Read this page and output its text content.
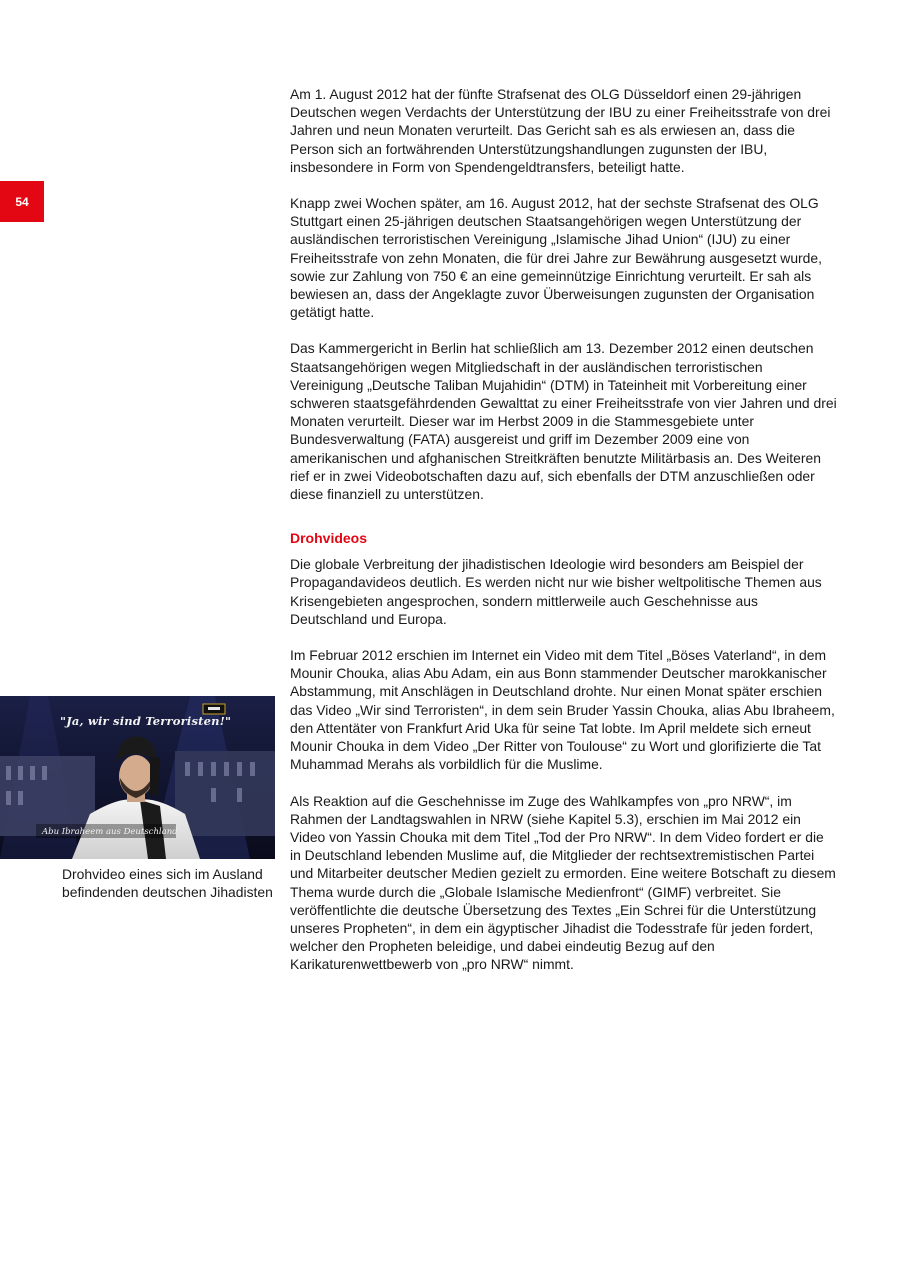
54

Am 1. August 2012 hat der fünfte Strafsenat des OLG Düsseldorf einen 29-jährigen Deutschen wegen Verdachts der Unterstützung der IBU zu einer Freiheitsstrafe von drei Jahren und neun Monaten verurteilt. Das Gericht sah es als erwiesen an, dass die Person sich an fortwährenden Unterstützungshandlungen zugunsten der IBU, insbesondere in Form von Spendengeldtransfers, beteiligt hatte.

Knapp zwei Wochen später, am 16. August 2012, hat der sechste Strafsenat des OLG Stuttgart einen 25-jährigen deutschen Staatsangehörigen wegen Unterstützung der ausländischen terroristischen Vereinigung „Islamische Jihad Union“ (IJU) zu einer Freiheitsstrafe von zehn Monaten, die für drei Jahre zur Bewährung ausgesetzt wurde, sowie zur Zahlung von 750 € an eine gemeinnützige Einrichtung verurteilt. Er sah als bewiesen an, dass der Angeklagte zuvor Überweisungen zugunsten der Organisation getätigt hatte.

Das Kammergericht in Berlin hat schließlich am 13. Dezember 2012 einen deutschen Staatsangehörigen wegen Mitgliedschaft in der ausländischen terroristischen Vereinigung „Deutsche Taliban Mujahidin“ (DTM) in Tateinheit mit Vorbereitung einer schweren staatsgefährdenden Gewalttat zu einer Freiheitsstrafe von vier Jahren und drei Monaten verurteilt. Dieser war im Herbst 2009 in die Stammesgebiete unter Bundesverwaltung (FATA) ausgereist und griff im Dezember 2009 eine von amerikanischen und afghanischen Streitkräften benutzte Militärbasis an. Des Weiteren rief er in zwei Videobotschaften dazu auf, sich ebenfalls der DTM anzuschließen oder diese finanziell zu unterstützen.

Drohvideos

Die globale Verbreitung der jihadistischen Ideologie wird besonders am Beispiel der Propagandavideos deutlich. Es werden nicht nur wie bisher weltpolitische Themen aus Krisengebieten angesprochen, sondern mittlerweile auch Geschehnisse aus Deutschland und Europa.

Im Februar 2012 erschien im Internet ein Video mit dem Titel „Böses Vaterland“, in dem Mounir Chouka, alias Abu Adam, ein aus Bonn stammender Deutscher marokkanischer Abstammung, mit Anschlägen in Deutschland drohte. Nur einen Monat später erschien das Video „Wir sind Terroristen“, in dem sein Bruder Yassin Chouka, alias Abu Ibraheem, den Attentäter von Frankfurt Arid Uka für seine Tat lobte. Im April meldete sich erneut Mounir Chouka in dem Video „Der Ritter von Toulouse“ zu Wort und glorifizierte die Tat Muhammad Merahs als vorbildlich für die Muslime.

Als Reaktion auf die Geschehnisse im Zuge des Wahlkampfes von „pro NRW“, im Rahmen der Landtagswahlen in NRW (siehe Kapitel 5.3), erschien im Mai 2012 ein Video von Yassin Chouka mit dem Titel „Tod der Pro NRW“. In dem Video fordert er die in Deutschland lebenden Muslime auf, die Mitglieder der rechtsextremistischen Partei und Mitarbeiter deutscher Medien gezielt zu ermorden. Eine weitere Botschaft zu diesem Thema wurde durch die „Globale Islamische Medienfront“ (GIMF) verbreitet. Sie veröffentlichte die deutsche Übersetzung des Textes „Ein Schrei für die Unterstützung unseres Propheten“, in dem ein ägyptischer Jihadist die Todesstrafe für jeden fordert, welcher den Propheten beleidige, und dabei eindeutig Bezug auf den Karikaturenwettbewerb von „pro NRW“ nimmt.

"Ja, wir sind Terroristen!"
Abu Ibraheem aus Deutschland
Drohvideo eines sich im Ausland befindenden deutschen Jihadisten
